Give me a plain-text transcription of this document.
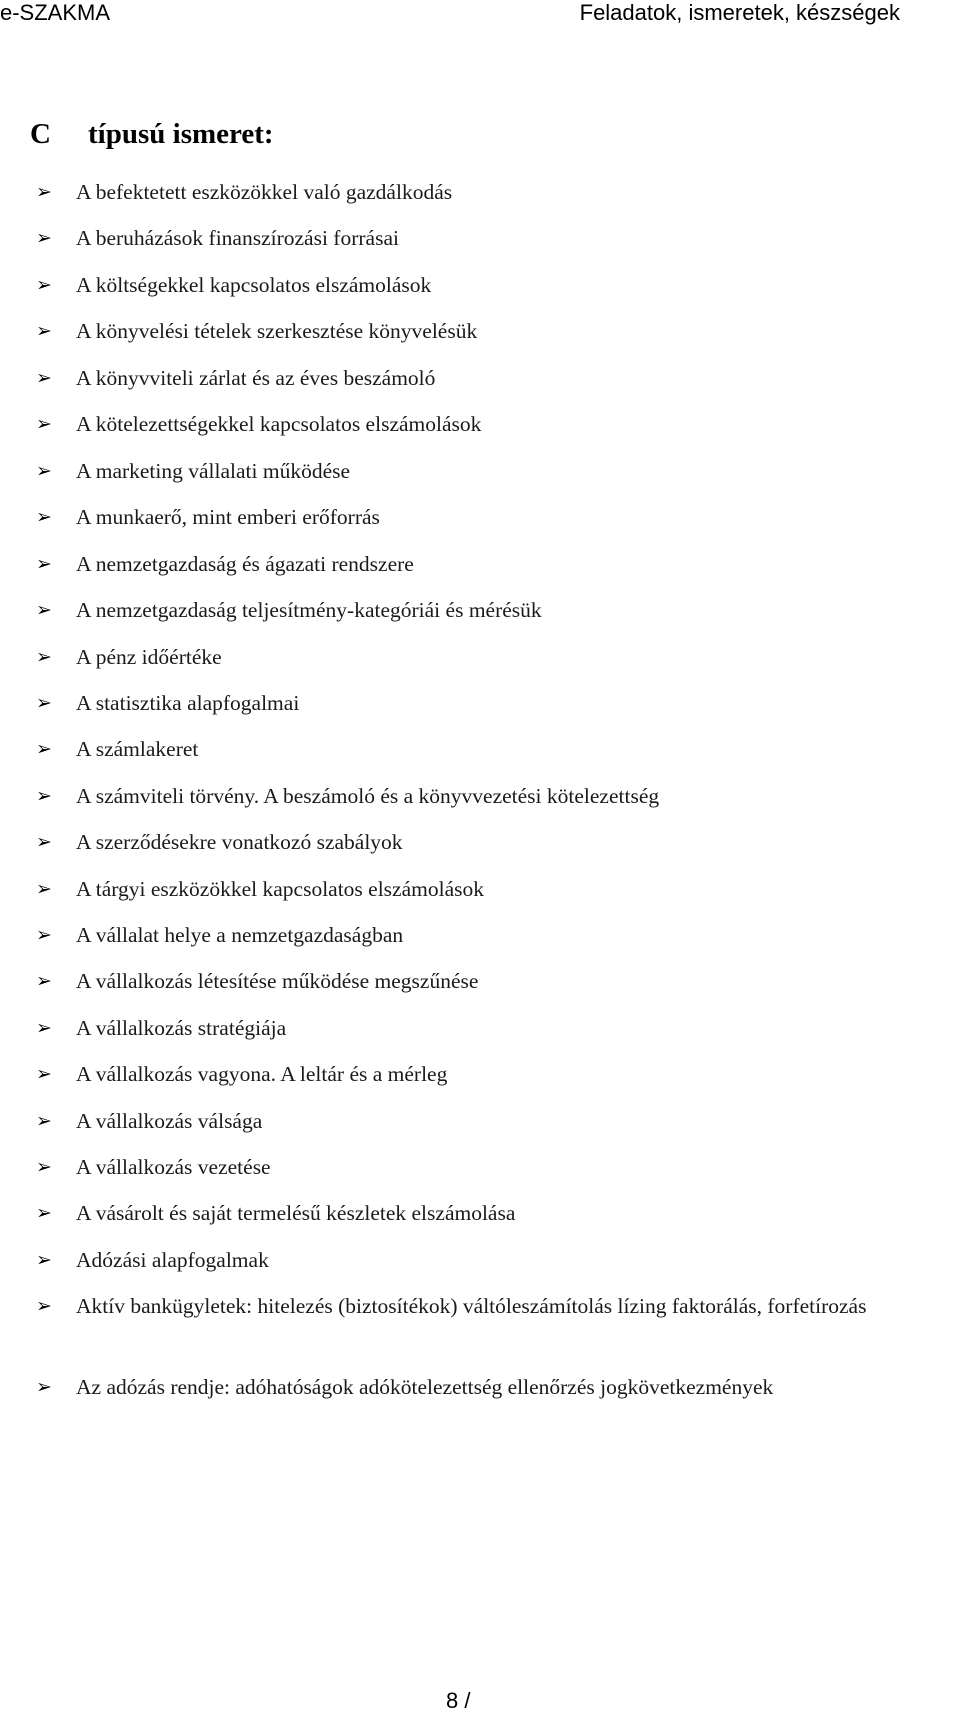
e-SZAKMA	Feladatok, ismeretek, készségek
C típusú ismeret:
➢	A befektetett eszközökkel való gazdálkodás
➢	A beruházások finanszírozási forrásai
➢	A költségekkel kapcsolatos elszámolások
➢	A könyvelési tételek szerkesztése könyvelésük
➢	A könyvviteli zárlat és az éves beszámoló
➢	A kötelezettségekkel kapcsolatos elszámolások
➢	A marketing vállalati működése
➢	A munkaerő, mint emberi erőforrás
➢	A nemzetgazdaság és ágazati rendszere
➢	A nemzetgazdaság teljesítmény-kategóriái és mérésük
➢	A pénz időértéke
➢	A statisztika alapfogalmai
➢	A számlakeret
➢	A számviteli törvény. A beszámoló és a könyvvezetési kötelezettség
➢	A szerződésekre vonatkozó szabályok
➢	A tárgyi eszközökkel kapcsolatos elszámolások
➢	A vállalat helye a nemzetgazdaságban
➢	A vállalkozás létesítése működése megszűnése
➢	A vállalkozás stratégiája
➢	A vállalkozás vagyona. A leltár és a mérleg
➢	A vállalkozás válsága
➢	A vállalkozás vezetése
➢	A vásárolt és saját termelésű készletek elszámolása
➢	Adózási alapfogalmak
➢	Aktív bankügyletek: hitelezés (biztosítékok) váltóleszámítolás lízing faktorálás, forfetírozás
➢	Az adózás rendje: adóhatóságok adókötelezettség ellenőrzés jogkövetkezmények
8 /
